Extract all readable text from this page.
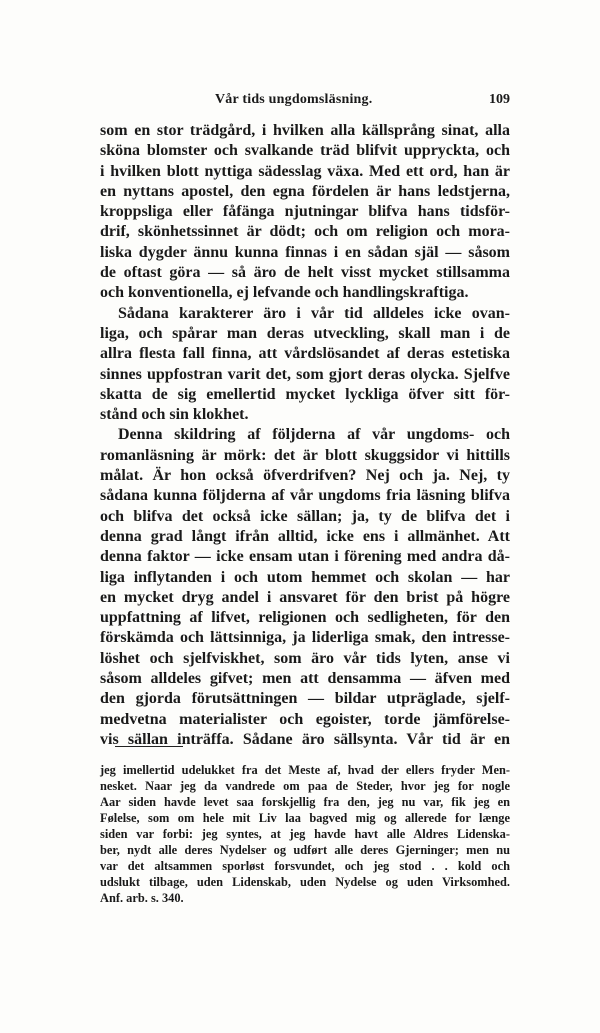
Vår tids ungdomsläsning.	109
som en stor trädgård, i hvilken alla källsprång sinat, alla
sköna blomster och svalkande träd blifvit uppryckta, och
i hvilken blott nyttiga sädesslag växa. Med ett ord, han är
en nyttans apostel, den egna fördelen är hans ledstjerna,
kroppsliga eller fåfänga njutningar blifva hans tidsför-
drif, skönhetssinnet är dödt; och om religion och mora-
liska dygder ännu kunna finnas i en sådan själ — såsom
de oftast göra — så äro de helt visst mycket stillsamma
och konventionella, ej lefvande och handlingskraftiga.
Sådana karakterer äro i vår tid alldeles icke ovan-
liga, och spårar man deras utveckling, skall man i de
allra flesta fall finna, att vårdslösandet af deras estetiska
sinnes uppfostran varit det, som gjort deras olycka. Sjelfve
skatta de sig emellertid mycket lyckliga öfver sitt för-
stånd och sin klokhet.
Denna skildring af följderna af vår ungdoms- och
romanläsning är mörk: det är blott skuggsidor vi hittills
målat. Är hon också öfverdrifven? Nej och ja. Nej, ty
sådana kunna följderna af vår ungdoms fria läsning blifva
och blifva det också icke sällan; ja, ty de blifva det i
denna grad långt ifrån alltid, icke ens i allmänhet. Att
denna faktor — icke ensam utan i förening med andra då-
liga inflytanden i och utom hemmet och skolan — har
en mycket dryg andel i ansvaret för den brist på högre
uppfattning af lifvet, religionen och sedligheten, för den
förskämda och lättsinniga, ja liderliga smak, den intresse-
löshet och sjelfviskhet, som äro vår tids lyten, anse vi
såsom alldeles gifvet; men att densamma — äfven med
den gjorda förutsättningen — bildar utpräglade, sjelf-
medvetna materialister och egoister, torde jämförelse-
vis sällan inträffa. Sådane äro sällsynta. Vår tid är en
jeg imellertid udelukket fra det Meste af, hvad der ellers fryder Men-
nesket. Naar jeg da vandrede om paa de Steder, hvor jeg for nogle
Aar siden havde levet saa forskjellig fra den, jeg nu var, fik jeg en
Følelse, som om hele mit Liv laa bagved mig og allerede for længe
siden var forbi: jeg syntes, at jeg havde havt alle Aldres Lidenska-
ber, nydt alle deres Nydelser og udført alle deres Gjerninger; men nu
var det altsammen sporløst forsvundet, och jeg stod . . kold och
udslukt tilbage, uden Lidenskab, uden Nydelse og uden Virksomhed.
Anf. arb. s. 340.
